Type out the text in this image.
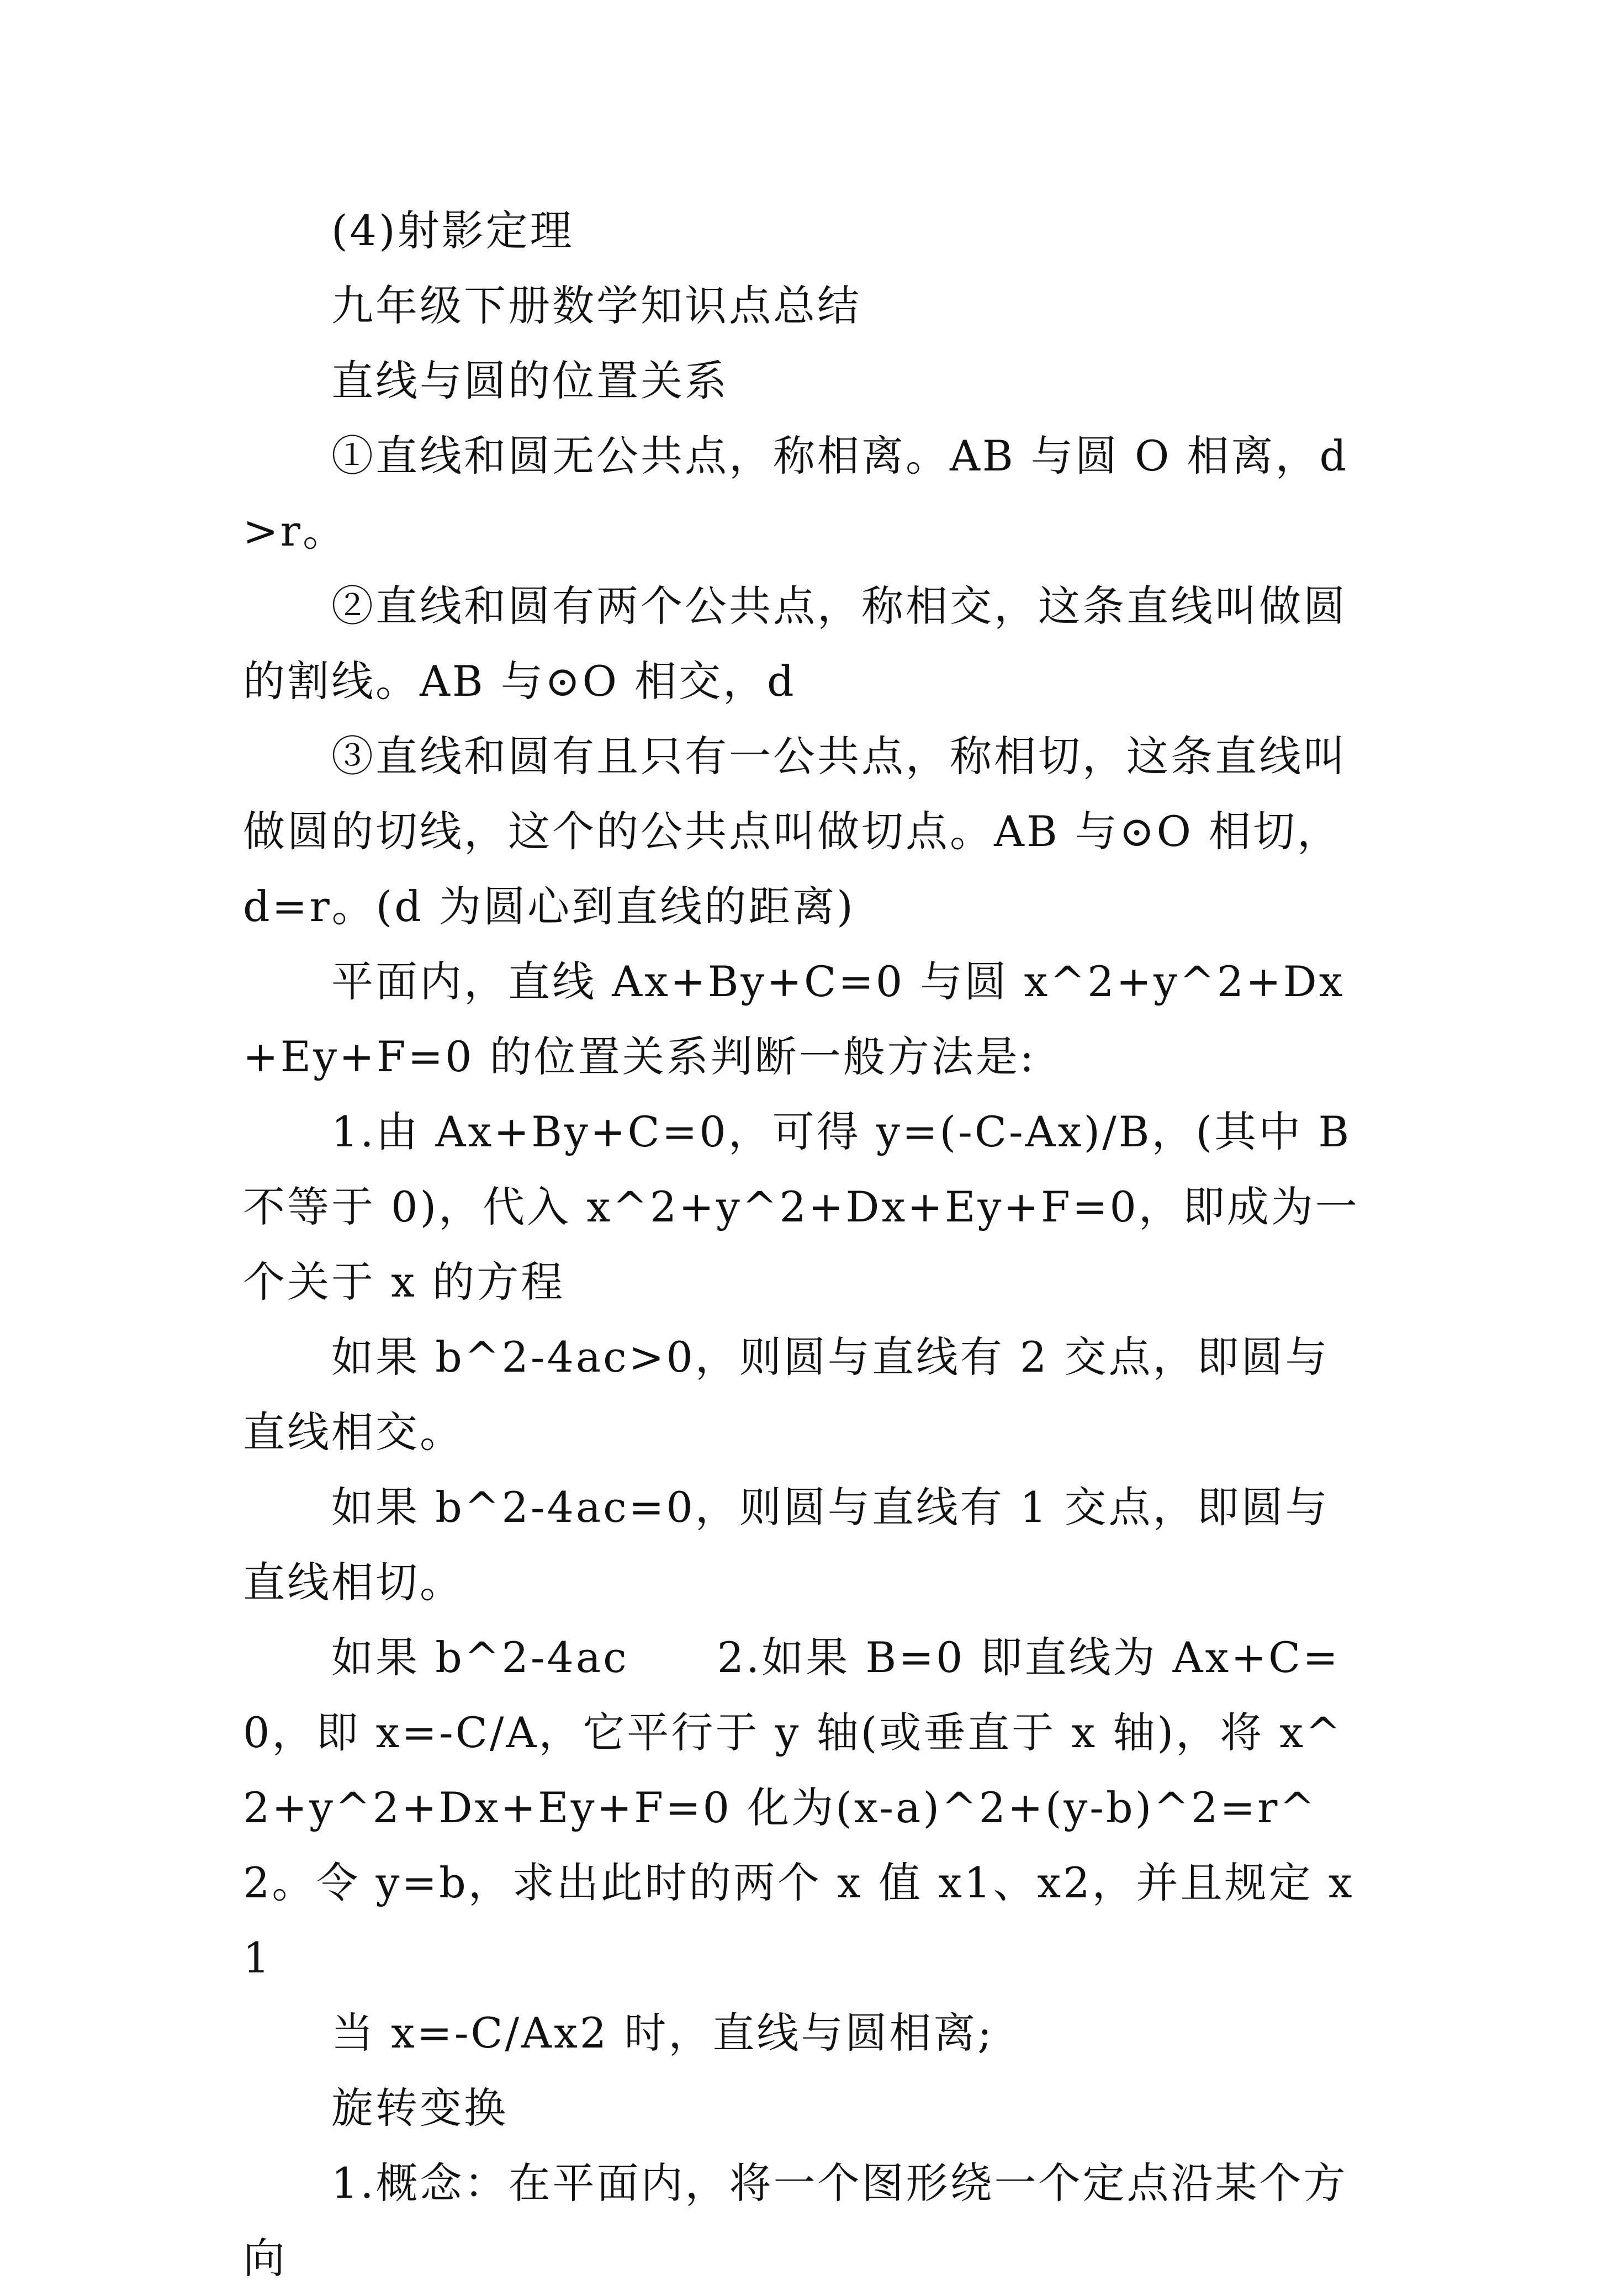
(4)射影定理

九年级下册数学知识点总结

直线与圆的位置关系

①直线和圆无公共点，称相离。AB 与圆 O 相离，d>r。

②直线和圆有两个公共点，称相交，这条直线叫做圆的割线。AB 与⊙O 相交，d

③直线和圆有且只有一公共点，称相切，这条直线叫做圆的切线，这个的公共点叫做切点。AB 与⊙O 相切，d=r。(d 为圆心到直线的距离)

平面内，直线 Ax+By+C=0 与圆 x^2+y^2+Dx+Ey+F=0 的位置关系判断一般方法是:

1.由 Ax+By+C=0，可得 y=(-C-Ax)/B，(其中 B 不等于 0)，代入 x^2+y^2+Dx+Ey+F=0，即成为一个关于 x 的方程

如果 b^2-4ac>0，则圆与直线有 2 交点，即圆与直线相交。

如果 b^2-4ac=0，则圆与直线有 1 交点，即圆与直线相切。

如果 b^2-4ac　　2.如果 B=0 即直线为 Ax+C=0，即 x=-C/A，它平行于 y 轴(或垂直于 x 轴)，将 x^2+y^2+Dx+Ey+F=0 化为(x-a)^2+(y-b)^2=r^2。令 y=b，求出此时的两个 x 值 x1、x2，并且规定 x1

当 x=-C/Ax2 时，直线与圆相离;

旋转变换

1.概念：在平面内，将一个图形绕一个定点沿某个方向
